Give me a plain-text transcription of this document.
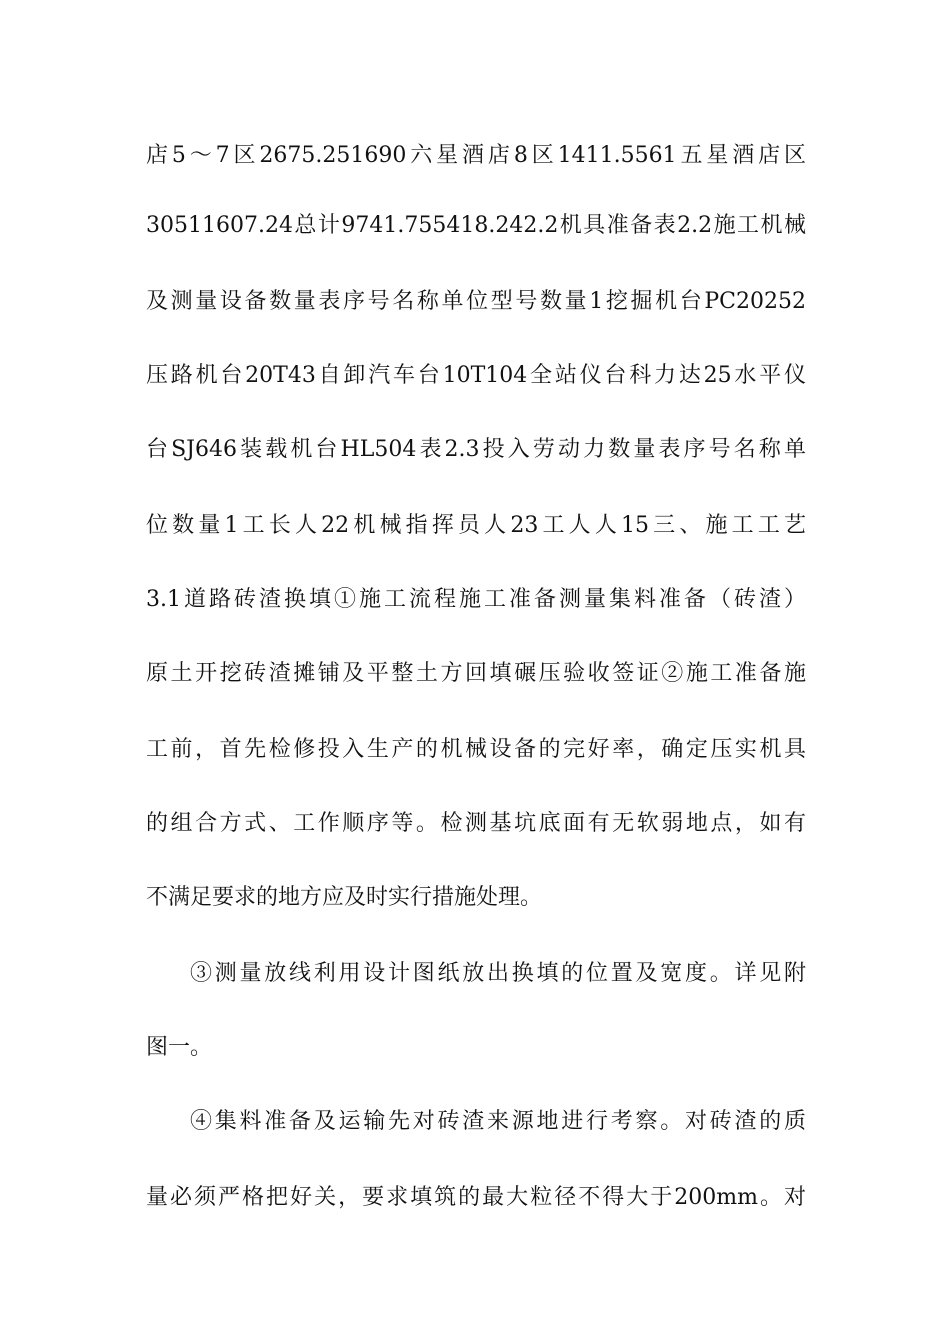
店5～7区2675.251690六星酒店8区1411.5561五星酒店区
30511607.24总计9741.755418.242.2机具准备表2.2施工机械
及测量设备数量表序号名称单位型号数量1挖掘机台PC20252
压路机台20T43自卸汽车台10T104全站仪台科力达25水平仪
台SJ646装载机台HL504表2.3投入劳动力数量表序号名称单
位数量1工长人22机械指挥员人23工人人15三、施工工艺
3.1道路砖渣换填①施工流程施工准备测量集料准备（砖渣）
原土开挖砖渣摊铺及平整土方回填碾压验收签证②施工准备施
工前，首先检修投入生产的机械设备的完好率，确定压实机具
的组合方式、工作顺序等。检测基坑底面有无软弱地点，如有
不满足要求的地方应及时实行措施处理。
③测量放线利用设计图纸放出换填的位置及宽度。详见附
图一。
④集料准备及运输先对砖渣来源地进行考察。对砖渣的质
量必须严格把好关，要求填筑的最大粒径不得大于200mm。对
